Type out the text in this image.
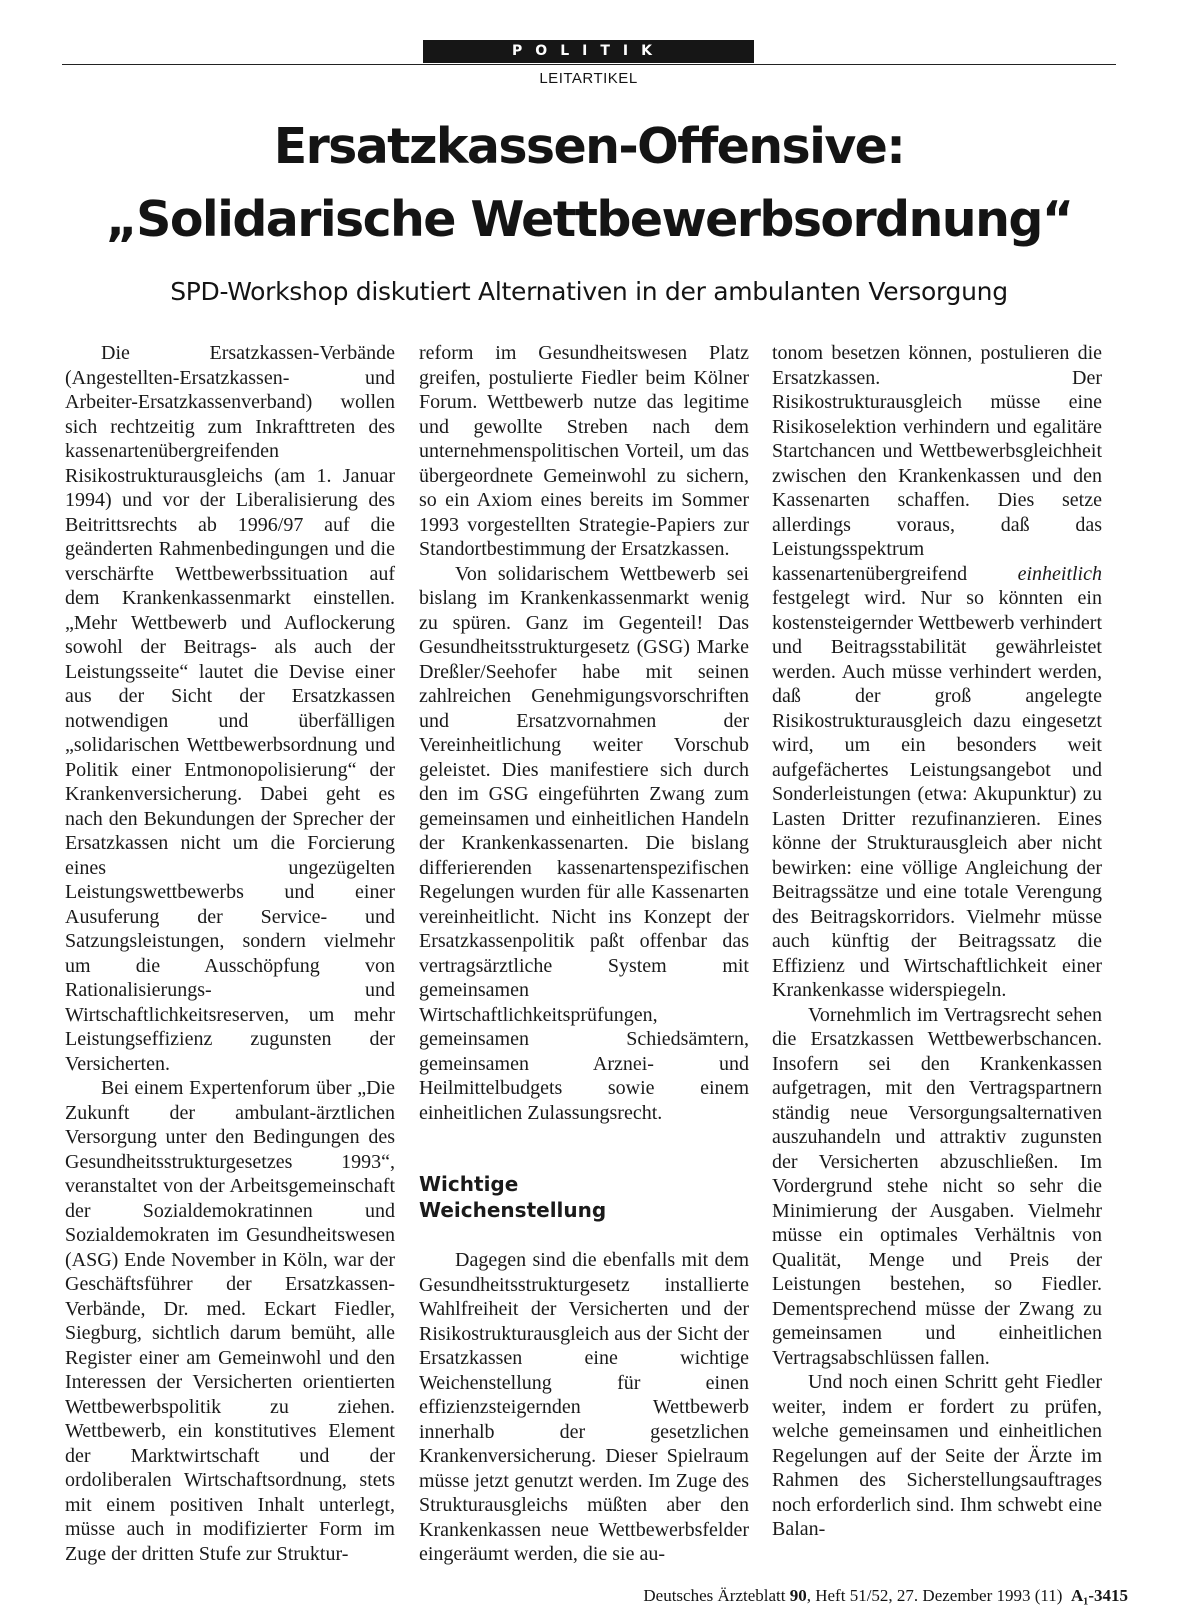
POLITIK
LEITARTIKEL
Ersatzkassen-Offensive:
„Solidarische Wettbewerbsordnung“
SPD-Workshop diskutiert Alternativen in der ambulanten Versorgung

Die Ersatzkassen-Verbände (Angestellten-Ersatzkassen- und Arbeiter-Ersatzkassenverband) wollen sich rechtzeitig zum Inkrafttreten des kassenartenübergreifenden Risikostrukturausgleichs (am 1. Januar 1994) und vor der Liberalisierung des Beitrittsrechts ab 1996/97 auf die geänderten Rahmenbedingungen und die verschärfte Wettbewerbssituation auf dem Krankenkassenmarkt einstellen. „Mehr Wettbewerb und Auflockerung sowohl der Beitrags- als auch der Leistungsseite“ lautet die Devise einer aus der Sicht der Ersatzkassen notwendigen und überfälligen „solidarischen Wettbewerbsordnung und Politik einer Entmonopolisierung“ der Krankenversicherung. Dabei geht es nach den Bekundungen der Sprecher der Ersatzkassen nicht um die Forcierung eines ungezügelten Leistungswettbewerbs und einer Ausuferung der Service- und Satzungsleistungen, sondern vielmehr um die Ausschöpfung von Rationalisierungs- und Wirtschaftlichkeitsreserven, um mehr Leistungseffizienz zugunsten der Versicherten.

Bei einem Expertenforum über „Die Zukunft der ambulant-ärztlichen Versorgung unter den Bedingungen des Gesundheitsstrukturgesetzes 1993“, veranstaltet von der Arbeitsgemeinschaft der Sozialdemokratinnen und Sozialdemokraten im Gesundheitswesen (ASG) Ende November in Köln, war der Geschäftsführer der Ersatzkassen-Verbände, Dr. med. Eckart Fiedler, Siegburg, sichtlich darum bemüht, alle Register einer am Gemeinwohl und den Interessen der Versicherten orientierten Wettbewerbspolitik zu ziehen. Wettbewerb, ein konstitutives Element der Marktwirtschaft und der ordoliberalen Wirtschaftsordnung, stets mit einem positiven Inhalt unterlegt, müsse auch in modifizierter Form im Zuge der dritten Stufe zur Struktur-

reform im Gesundheitswesen Platz greifen, postulierte Fiedler beim Kölner Forum. Wettbewerb nutze das legitime und gewollte Streben nach dem unternehmenspolitischen Vorteil, um das übergeordnete Gemeinwohl zu sichern, so ein Axiom eines bereits im Sommer 1993 vorgestellten Strategie-Papiers zur Standortbestimmung der Ersatzkassen.

Von solidarischem Wettbewerb sei bislang im Krankenkassenmarkt wenig zu spüren. Ganz im Gegenteil! Das Gesundheitsstrukturgesetz (GSG) Marke Dreßler/Seehofer habe mit seinen zahlreichen Genehmigungsvorschriften und Ersatzvornahmen der Vereinheitlichung weiter Vorschub geleistet. Dies manifestiere sich durch den im GSG eingeführten Zwang zum gemeinsamen und einheitlichen Handeln der Krankenkassenarten. Die bislang differierenden kassenartenspezifischen Regelungen wurden für alle Kassenarten vereinheitlicht. Nicht ins Konzept der Ersatzkassenpolitik paßt offenbar das vertragsärztliche System mit gemeinsamen Wirtschaftlichkeitsprüfungen, gemeinsamen Schiedsämtern, gemeinsamen Arznei- und Heilmittelbudgets sowie einem einheitlichen Zulassungsrecht.

Wichtige
Weichenstellung

Dagegen sind die ebenfalls mit dem Gesundheitsstrukturgesetz installierte Wahlfreiheit der Versicherten und der Risikostrukturausgleich aus der Sicht der Ersatzkassen eine wichtige Weichenstellung für einen effizienzsteigernden Wettbewerb innerhalb der gesetzlichen Krankenversicherung. Dieser Spielraum müsse jetzt genutzt werden. Im Zuge des Strukturausgleichs müßten aber den Krankenkassen neue Wettbewerbsfelder eingeräumt werden, die sie au-

tonom besetzen können, postulieren die Ersatzkassen. Der Risikostrukturausgleich müsse eine Risikoselektion verhindern und egalitäre Startchancen und Wettbewerbsgleichheit zwischen den Krankenkassen und den Kassenarten schaffen. Dies setze allerdings voraus, daß das Leistungsspektrum kassenartenübergreifend	einheitlich festgelegt wird. Nur so könnten ein kostensteigernder Wettbewerb verhindert und Beitragsstabilität gewährleistet werden. Auch müsse verhindert werden, daß der groß angelegte Risikostrukturausgleich dazu eingesetzt wird, um ein besonders weit aufgefächertes Leistungsangebot und Sonderleistungen (etwa: Akupunktur) zu Lasten Dritter rezufinanzieren. Eines könne der Strukturausgleich aber nicht bewirken: eine völlige Angleichung der Beitragssätze und eine totale Verengung des Beitragskorridors. Vielmehr müsse auch künftig der Beitragssatz die Effizienz und Wirtschaftlichkeit einer Krankenkasse widerspiegeln.

Vornehmlich im Vertragsrecht sehen die Ersatzkassen Wettbewerbschancen. Insofern sei den Krankenkassen aufgetragen, mit den Vertragspartnern ständig neue Versorgungsalternativen auszuhandeln und attraktiv zugunsten der Versicherten abzuschließen. Im Vordergrund stehe nicht so sehr die Minimierung der Ausgaben. Vielmehr müsse ein optimales Verhältnis von Qualität, Menge und Preis der Leistungen bestehen, so Fiedler. Dementsprechend müsse der Zwang zu gemeinsamen und einheitlichen Vertragsabschlüssen fallen.

Und noch einen Schritt geht Fiedler weiter, indem er fordert zu prüfen, welche gemeinsamen und einheitlichen Regelungen auf der Seite der Ärzte im Rahmen des Sicherstellungsauftrages noch erforderlich sind. Ihm schwebt eine Balan-

Deutsches Ärzteblatt 90, Heft 51/52, 27. Dezember 1993 (11) A₁-3415
